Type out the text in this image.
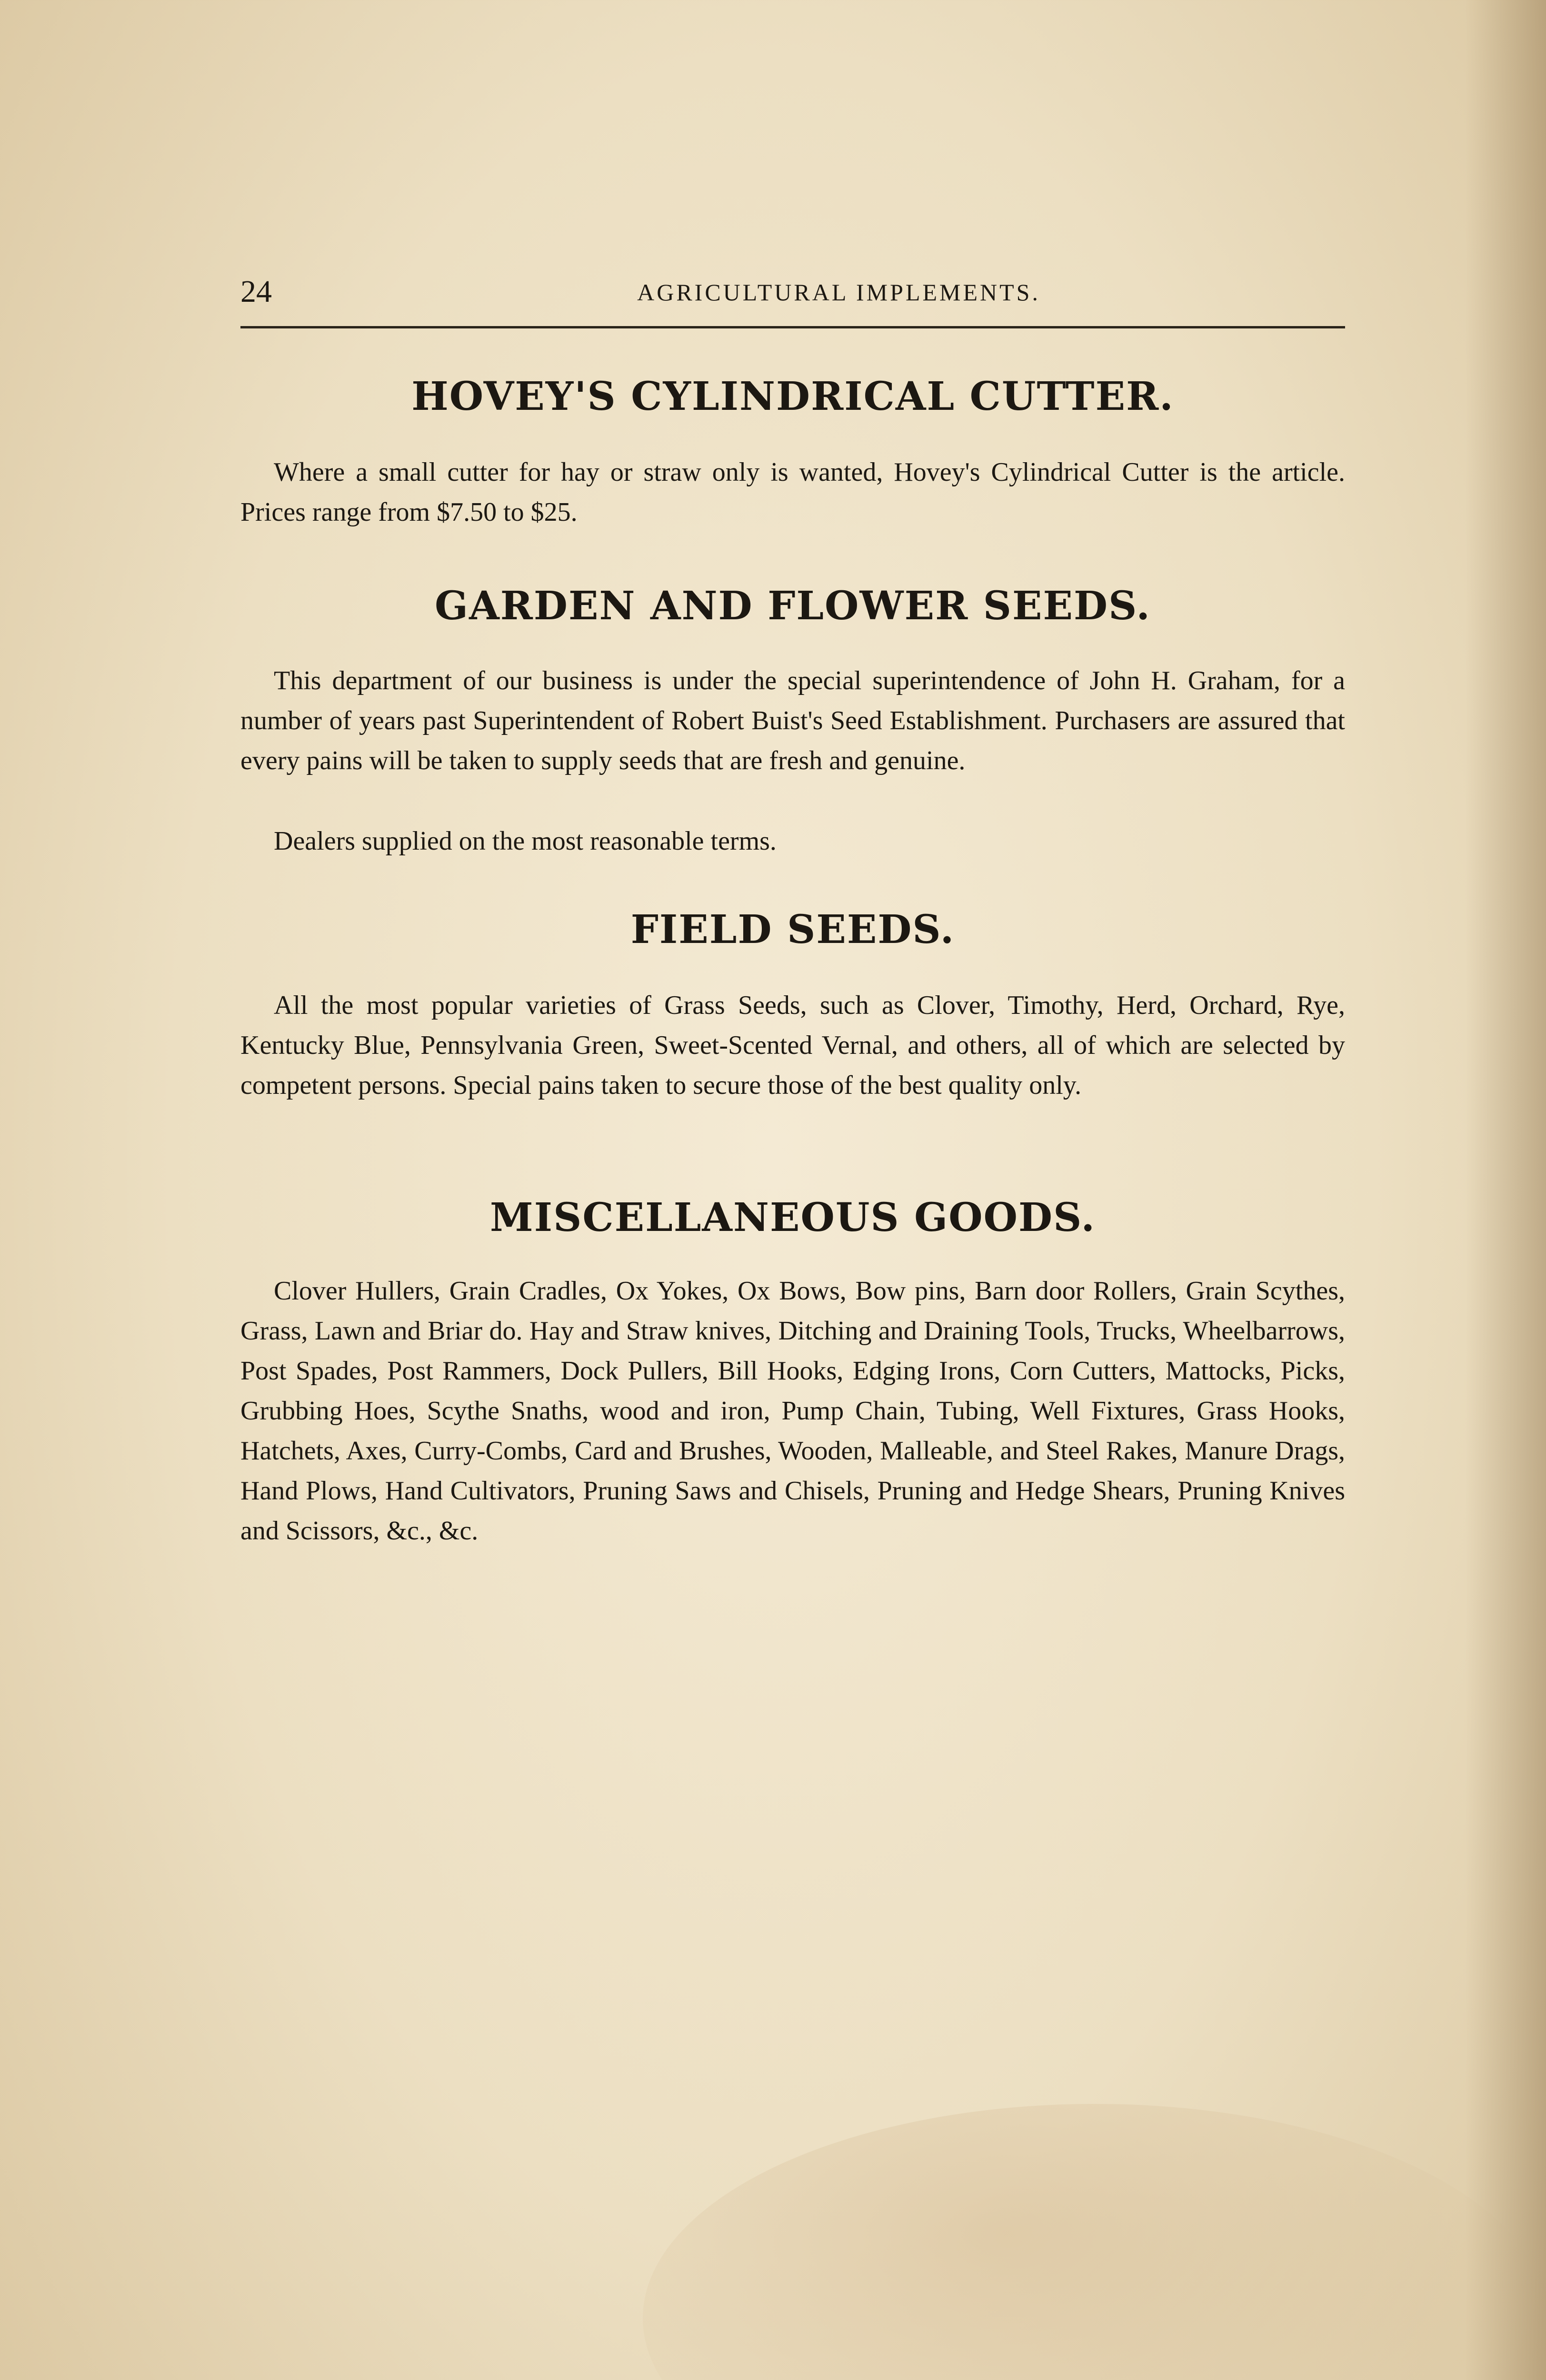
24	AGRICULTURAL IMPLEMENTS.
HOVEY'S CYLINDRICAL CUTTER.

Where a small cutter for hay or straw only is wanted, Hovey's Cylindrical Cutter is the article. Prices range from $7.50 to $25.

GARDEN AND FLOWER SEEDS.

This department of our business is under the special superintendence of John H. Graham, for a number of years past Superintendent of Robert Buist's Seed Establishment. Purchasers are assured that every pains will be taken to supply seeds that are fresh and genuine.

Dealers supplied on the most reasonable terms.

FIELD SEEDS.

All the most popular varieties of Grass Seeds, such as Clover, Timothy, Herd, Orchard, Rye, Kentucky Blue, Pennsylvania Green, Sweet-Scented Vernal, and others, all of which are selected by competent persons. Special pains taken to secure those of the best quality only.

MISCELLANEOUS GOODS.

Clover Hullers, Grain Cradles, Ox Yokes, Ox Bows, Bow pins, Barn door Rollers, Grain Scythes, Grass, Lawn and Briar do. Hay and Straw knives, Ditching and Draining Tools, Trucks, Wheelbarrows, Post Spades, Post Rammers, Dock Pullers, Bill Hooks, Edging Irons, Corn Cutters, Mattocks, Picks, Grubbing Hoes, Scythe Snaths, wood and iron, Pump Chain, Tubing, Well Fixtures, Grass Hooks, Hatchets, Axes, Curry-Combs, Card and Brushes, Wooden, Malleable, and Steel Rakes, Manure Drags, Hand Plows, Hand Cultivators, Pruning Saws and Chisels, Pruning and Hedge Shears, Pruning Knives and Scissors, &c., &c.
